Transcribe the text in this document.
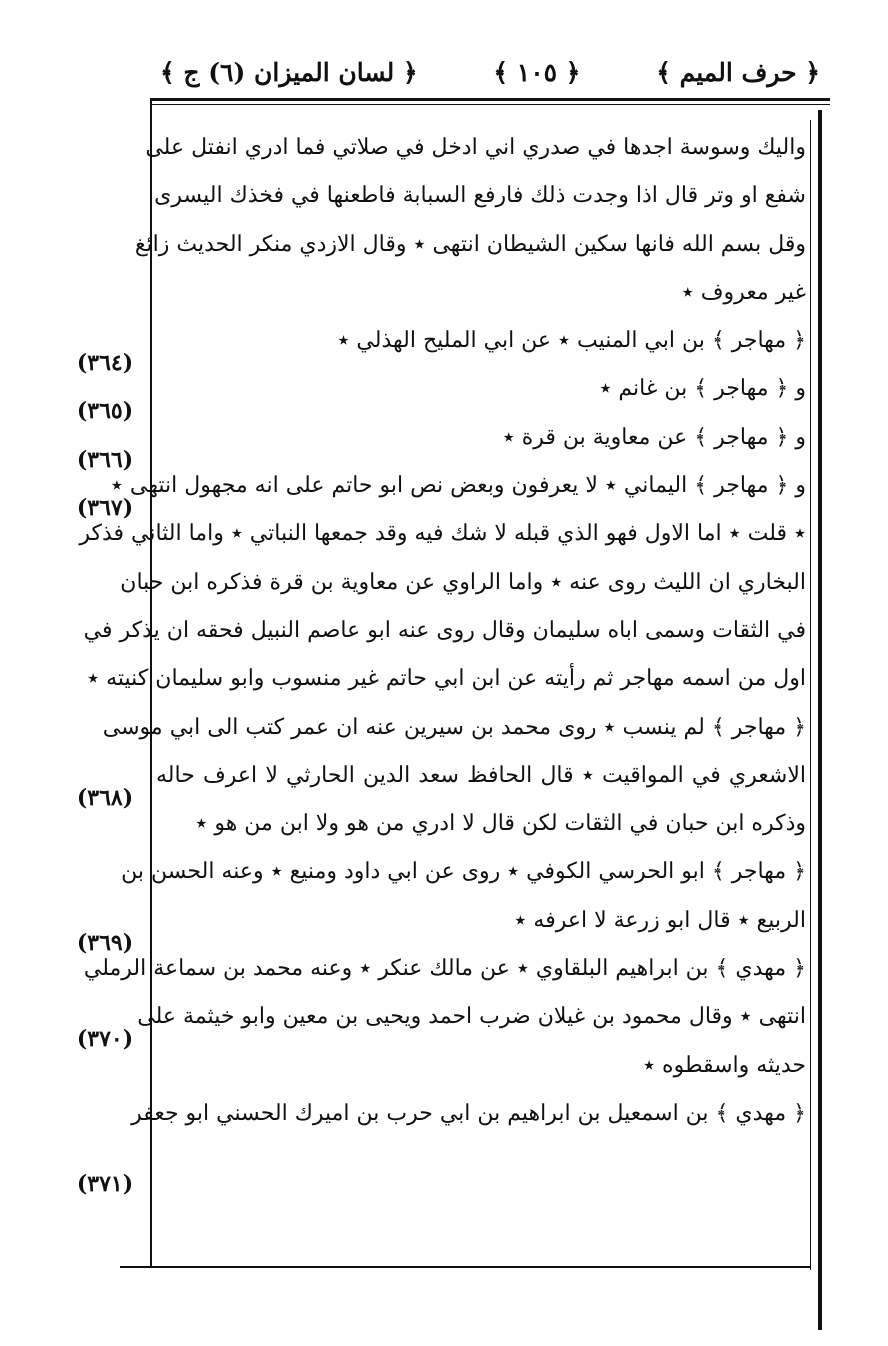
﴿ حرف الميم ﴾
﴿ ١٠٥ ﴾
﴿ لسان الميزان (٦) ج ﴾
واليك وسوسة اجدها في صدري اني ادخل في صلاتي فما ادري انفتل على
شفع او وتر قال اذا وجدت ذلك فارفع السبابة فاطعنها في فخذك اليسرى
وقل بسم الله فانها سكين الشيطان انتهى ٭ وقال الازدي منكر الحديث زائغ
غير معروف ٭
﴿ مهاجر ﴾ بن ابي المنيب ٭ عن ابي المليح الهذلي ٭
و ﴿ مهاجر ﴾ بن غانم ٭
و ﴿ مهاجر ﴾ عن معاوية بن قرة ٭
و ﴿ مهاجر ﴾ اليماني ٭ لا يعرفون وبعض نص ابو حاتم على انه مجهول انتهى ٭
٭ قلت ٭ اما الاول فهو الذي قبله لا شك فيه وقد جمعها النباتي ٭ واما الثاني فذكر
البخاري ان الليث روى عنه ٭ واما الراوي عن معاوية بن قرة فذكره ابن حبان
في الثقات وسمى اباه سليمان وقال روى عنه ابو عاصم النبيل فحقه ان يذكر في
اول من اسمه مهاجر ثم رأيته عن ابن ابي حاتم غير منسوب وابو سليمان كنيته ٭
﴿ مهاجر ﴾ لم ينسب ٭ روى محمد بن سيرين عنه ان عمر كتب الى ابي موسى
الاشعري في المواقيت ٭ قال الحافظ سعد الدين الحارثي لا اعرف حاله
وذكره ابن حبان في الثقات لكن قال لا ادري من هو ولا ابن من هو ٭
﴿ مهاجر ﴾ ابو الحرسي الكوفي ٭ روى عن ابي داود ومنيع ٭ وعنه الحسن بن
الربيع ٭ قال ابو زرعة لا اعرفه ٭
﴿ مهدي ﴾ بن ابراهيم البلقاوي ٭ عن مالك عنكر ٭ وعنه محمد بن سماعة الرملي
انتهى ٭ وقال محمود بن غيلان ضرب احمد ويحيى بن معين وابو خيثمة على
حديثه واسقطوه ٭
﴿ مهدي ﴾ بن اسمعيل بن ابراهيم بن ابي حرب بن اميرك الحسني ابو جعفر
(٣٦٤)
(٣٦٥)
(٣٦٦)
(٣٦٧)
(٣٦٨)
(٣٦٩)
(٣٧٠)
(٣٧١)
